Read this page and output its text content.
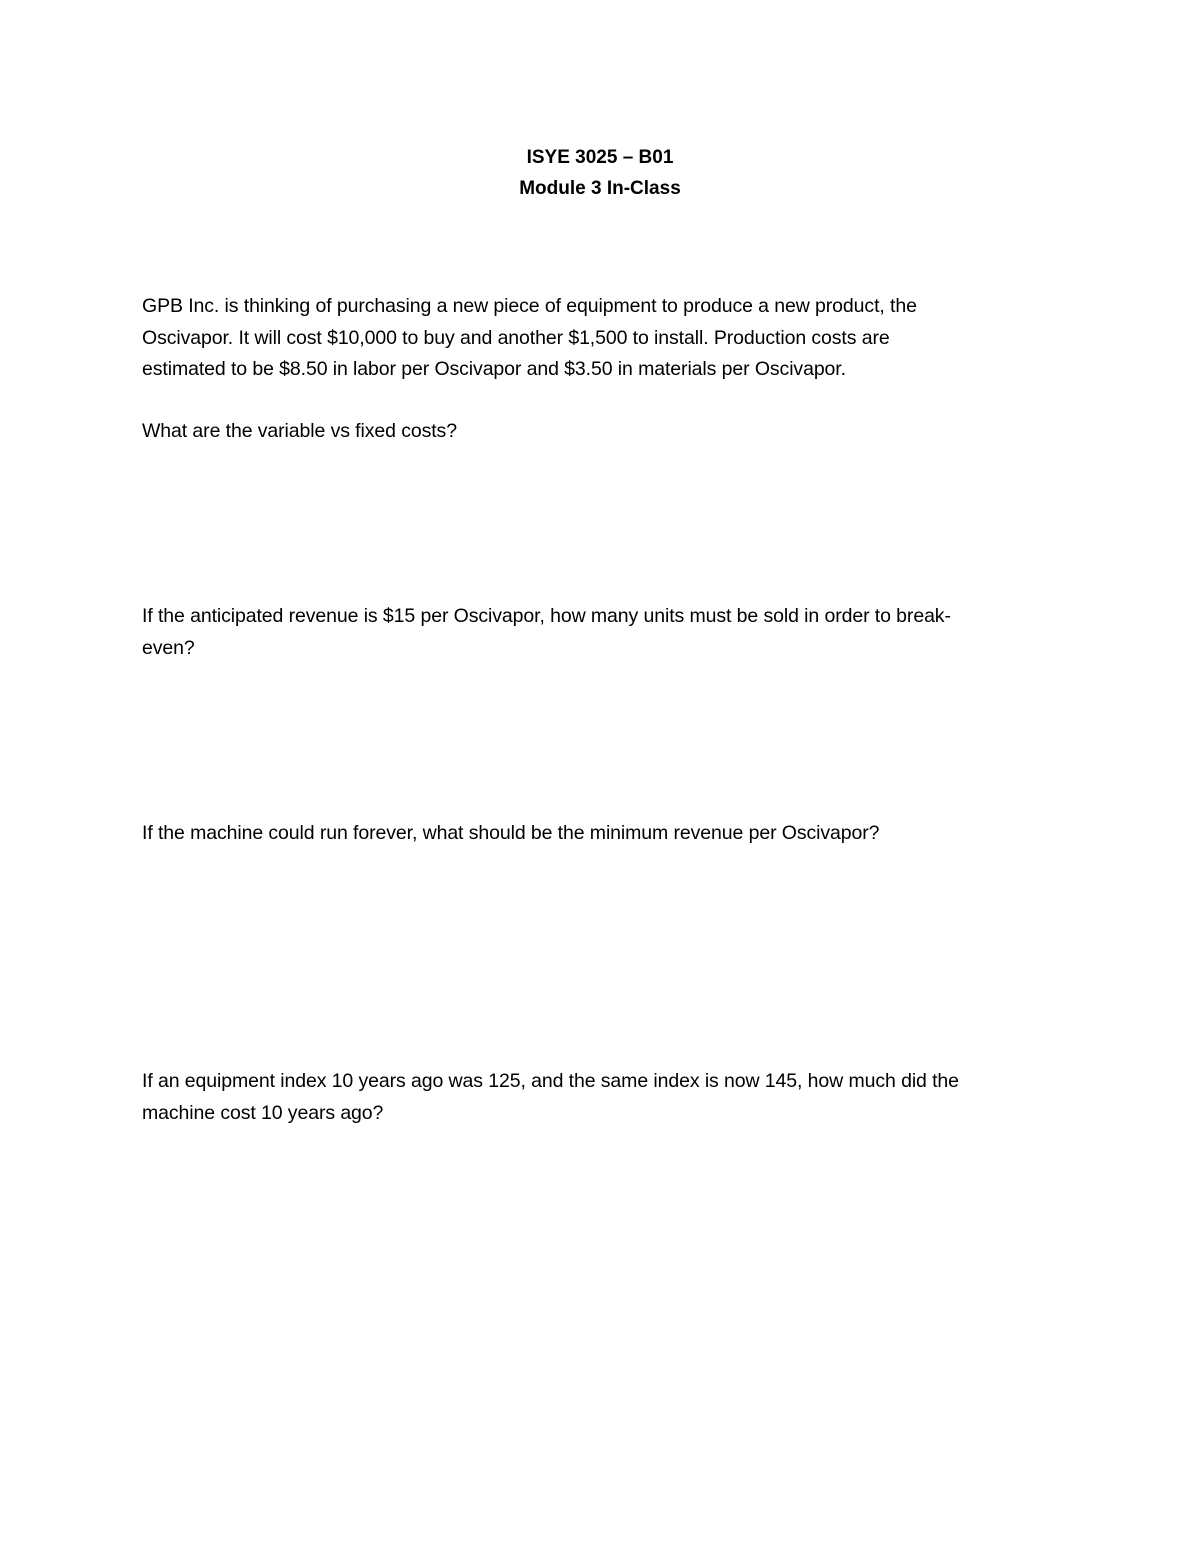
ISYE 3025 – B01
Module 3 In-Class
GPB Inc. is thinking of purchasing a new piece of equipment to produce a new product, the
Oscivapor. It will cost $10,000 to buy and another $1,500 to install. Production costs are
estimated to be $8.50 in labor per Oscivapor and $3.50 in materials per Oscivapor.
What are the variable vs fixed costs?
If the anticipated revenue is $15 per Oscivapor, how many units must be sold in order to break-
even?
If the machine could run forever, what should be the minimum revenue per Oscivapor?
If an equipment index 10 years ago was 125, and the same index is now 145, how much did the
machine cost 10 years ago?
